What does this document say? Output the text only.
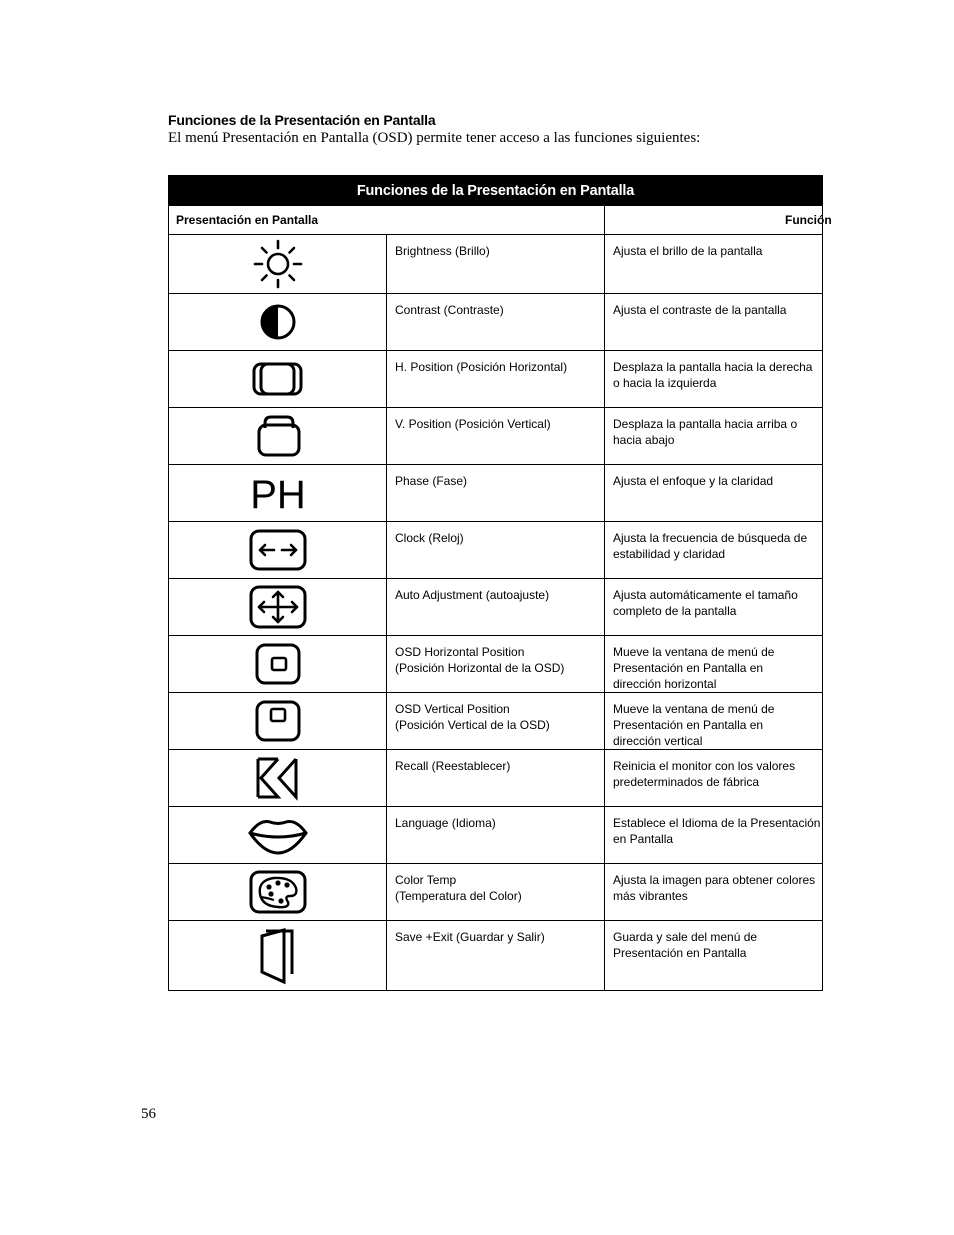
Funciones de la Presentación en Pantalla
El menú Presentación en Pantalla (OSD) permite tener acceso a las funciones siguientes:
Funciones de la Presentación en Pantalla		
Presentación en Pantalla		Función

Brightness (Brillo)	Ajusta el brillo de la pantalla

Contrast (Contraste)	Ajusta el contraste de la pantalla

H. Position (Posición Horizontal)	Desplaza la pantalla hacia la derecha o hacia la izquierda

V. Position (Posición Vertical)	Desplaza la pantalla hacia arriba o hacia abajo

PH	Phase (Fase)	Ajusta el enfoque y la claridad

Clock (Reloj)	Ajusta la frecuencia de búsqueda de estabilidad y claridad

Auto Adjustment (autoajuste)	Ajusta automáticamente el tamaño completo de la pantalla

OSD Horizontal Position
(Posición Horizontal de la OSD)	Mueve la ventana de menú de Presentación en Pantalla en
dirección horizontal

OSD Vertical Position
(Posición Vertical de la OSD)	Mueve la ventana de menú de Presentación en Pantalla en
dirección vertical

Recall (Reestablecer)	Reinicia el monitor con los valores predeterminados de fábrica

Language (Idioma)	Establece el Idioma de la Presentación en Pantalla

Color Temp
(Temperatura del Color)	Ajusta la imagen para obtener colores más vibrantes

Save +Exit (Guardar y Salir)	Guarda y sale del menú de Presentación en Pantalla
56
